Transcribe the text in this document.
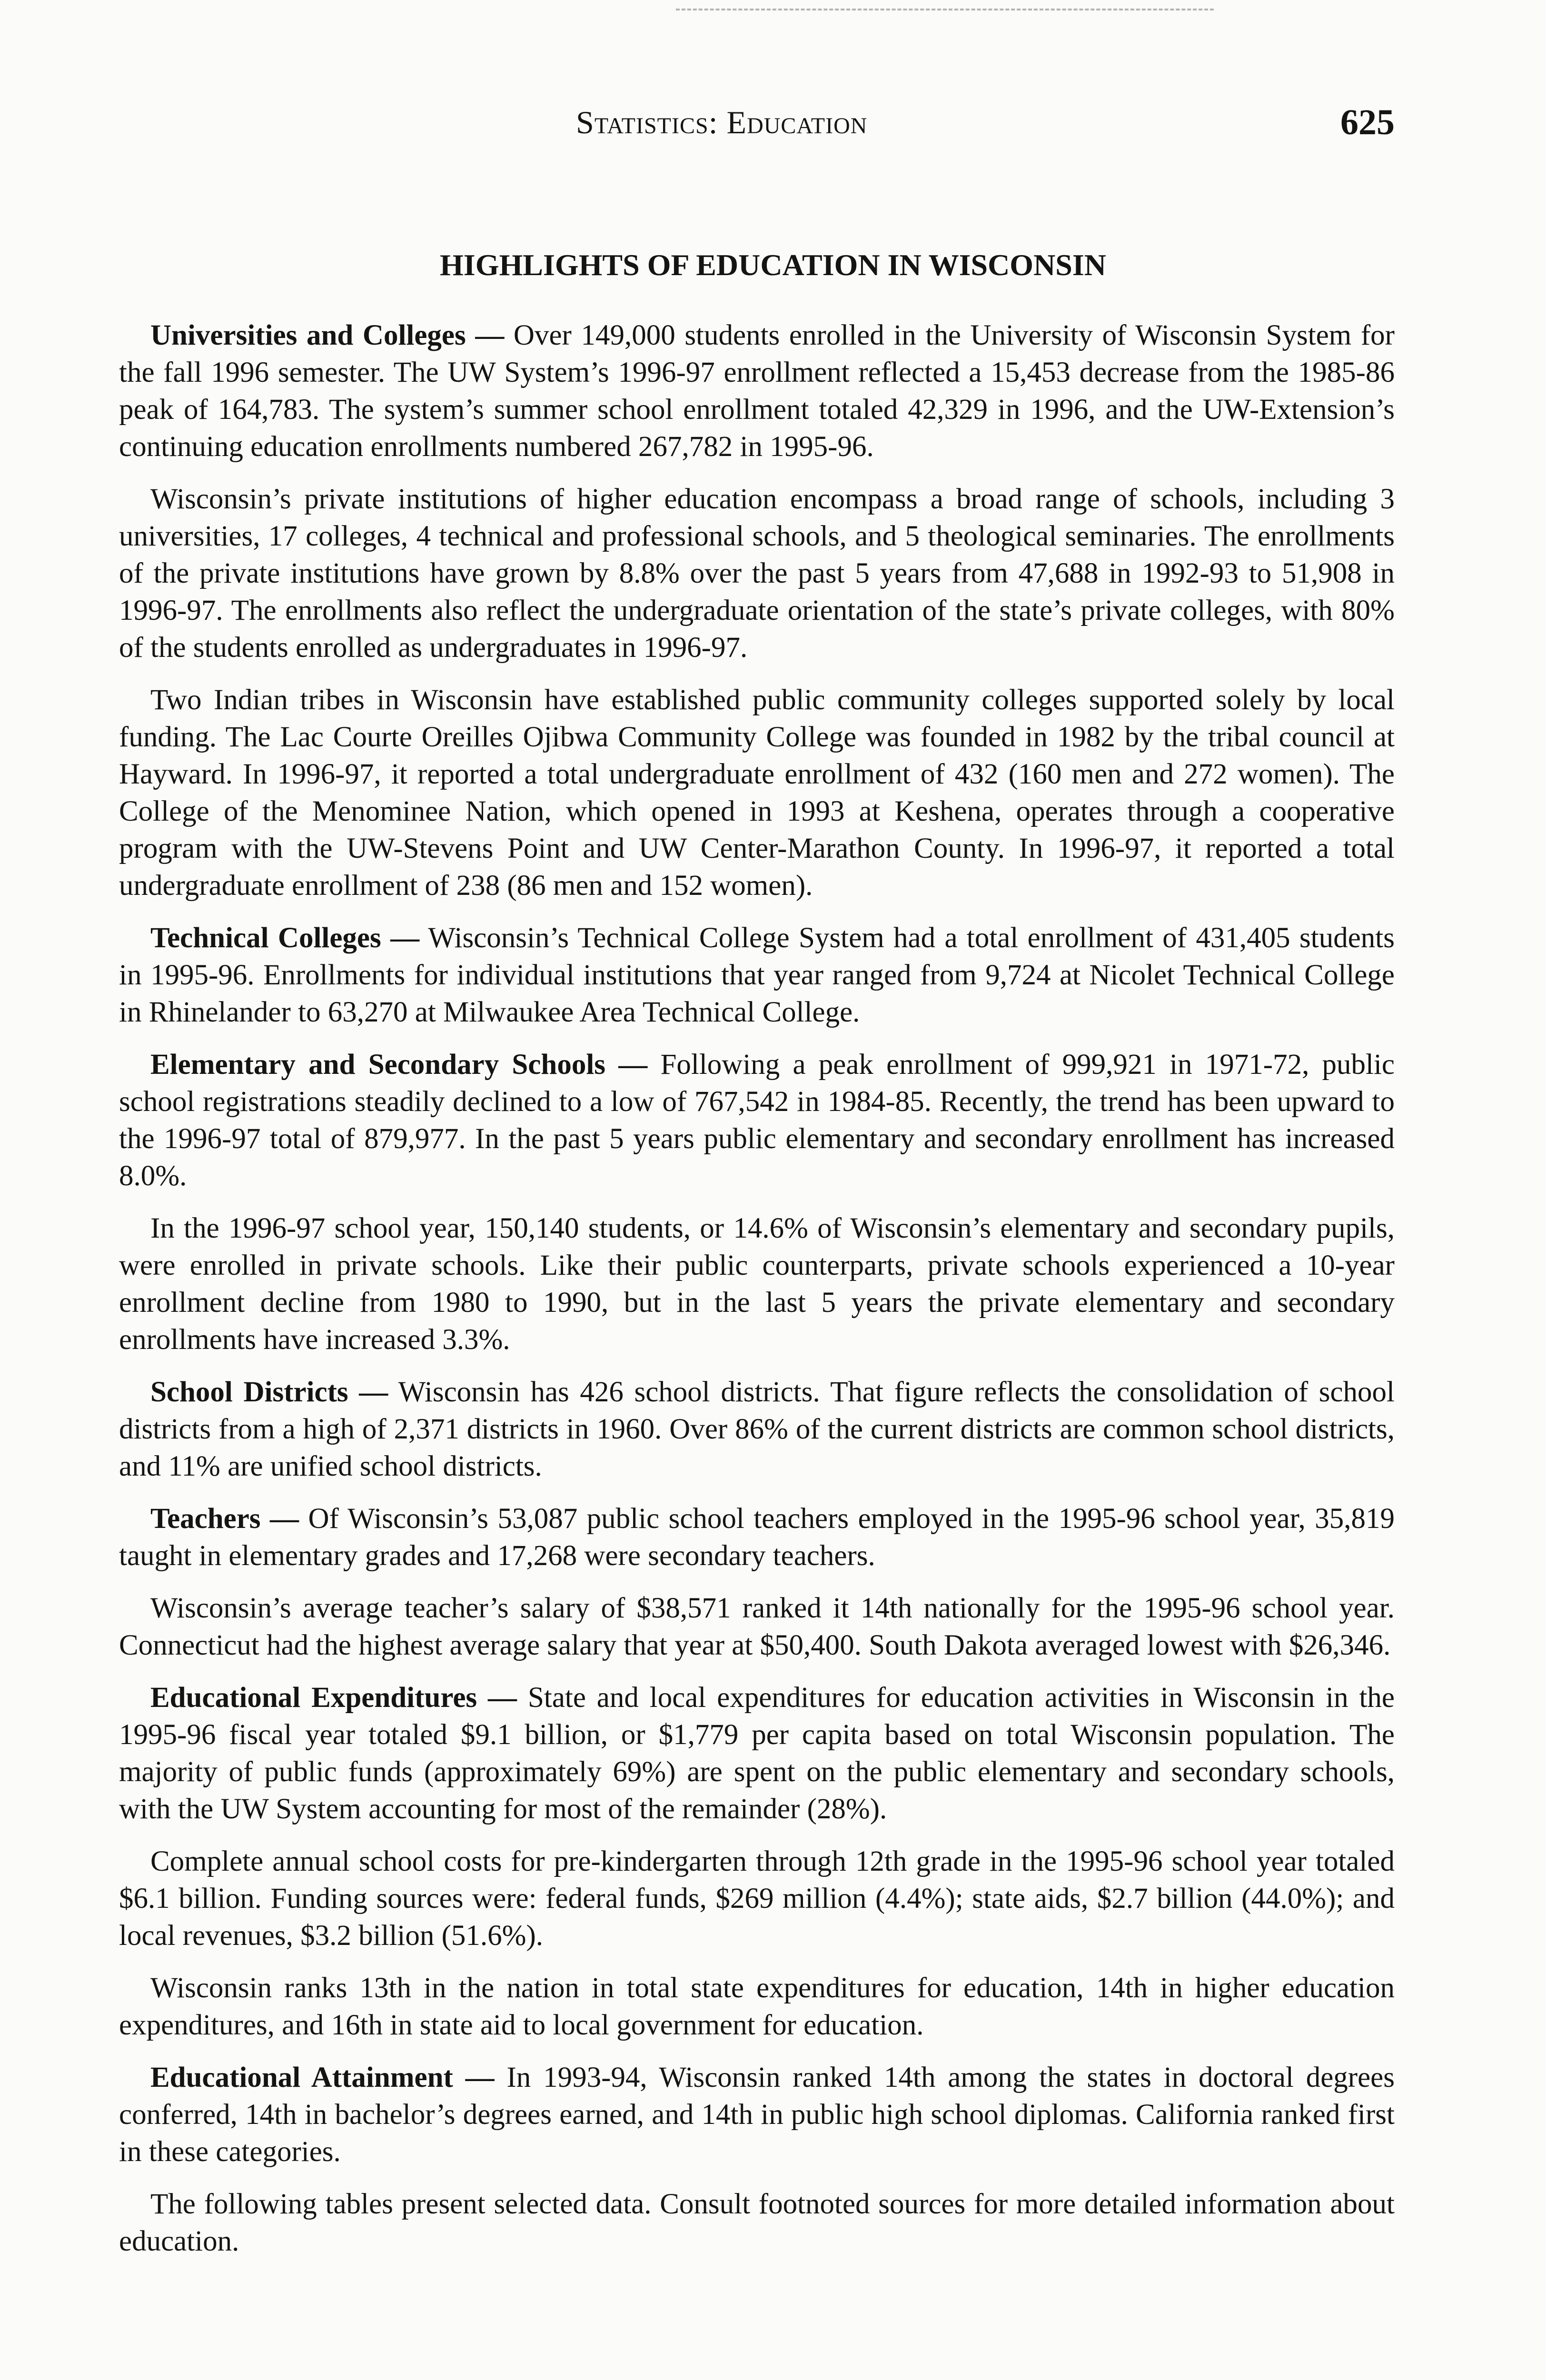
Statistics: Education	625
HIGHLIGHTS OF EDUCATION IN WISCONSIN

Universities and Colleges — Over 149,000 students enrolled in the University of Wisconsin System for the fall 1996 semester. The UW System’s 1996-97 enrollment reflected a 15,453 decrease from the 1985-86 peak of 164,783. The system’s summer school enrollment totaled 42,329 in 1996, and the UW-Extension’s continuing education enrollments numbered 267,782 in 1995-96.

Wisconsin’s private institutions of higher education encompass a broad range of schools, including 3 universities, 17 colleges, 4 technical and professional schools, and 5 theological seminaries. The enrollments of the private institutions have grown by 8.8% over the past 5 years from 47,688 in 1992-93 to 51,908 in 1996-97. The enrollments also reflect the undergraduate orientation of the state’s private colleges, with 80% of the students enrolled as undergraduates in 1996-97.

Two Indian tribes in Wisconsin have established public community colleges supported solely by local funding. The Lac Courte Oreilles Ojibwa Community College was founded in 1982 by the tribal council at Hayward. In 1996-97, it reported a total undergraduate enrollment of 432 (160 men and 272 women). The College of the Menominee Nation, which opened in 1993 at Keshena, operates through a cooperative program with the UW-Stevens Point and UW Center-Marathon County. In 1996-97, it reported a total undergraduate enrollment of 238 (86 men and 152 women).

Technical Colleges — Wisconsin’s Technical College System had a total enrollment of 431,405 students in 1995-96. Enrollments for individual institutions that year ranged from 9,724 at Nicolet Technical College in Rhinelander to 63,270 at Milwaukee Area Technical College.

Elementary and Secondary Schools — Following a peak enrollment of 999,921 in 1971-72, public school registrations steadily declined to a low of 767,542 in 1984-85. Recently, the trend has been upward to the 1996-97 total of 879,977. In the past 5 years public elementary and secondary enrollment has increased 8.0%.

In the 1996-97 school year, 150,140 students, or 14.6% of Wisconsin’s elementary and secondary pupils, were enrolled in private schools. Like their public counterparts, private schools experienced a 10-year enrollment decline from 1980 to 1990, but in the last 5 years the private elementary and secondary enrollments have increased 3.3%.

School Districts — Wisconsin has 426 school districts. That figure reflects the consolidation of school districts from a high of 2,371 districts in 1960. Over 86% of the current districts are common school districts, and 11% are unified school districts.

Teachers — Of Wisconsin’s 53,087 public school teachers employed in the 1995-96 school year, 35,819 taught in elementary grades and 17,268 were secondary teachers.

Wisconsin’s average teacher’s salary of $38,571 ranked it 14th nationally for the 1995-96 school year. Connecticut had the highest average salary that year at $50,400. South Dakota averaged lowest with $26,346.

Educational Expenditures — State and local expenditures for education activities in Wisconsin in the 1995-96 fiscal year totaled $9.1 billion, or $1,779 per capita based on total Wisconsin population. The majority of public funds (approximately 69%) are spent on the public elementary and secondary schools, with the UW System accounting for most of the remainder (28%).

Complete annual school costs for pre-kindergarten through 12th grade in the 1995-96 school year totaled $6.1 billion. Funding sources were: federal funds, $269 million (4.4%); state aids, $2.7 billion (44.0%); and local revenues, $3.2 billion (51.6%).

Wisconsin ranks 13th in the nation in total state expenditures for education, 14th in higher education expenditures, and 16th in state aid to local government for education.

Educational Attainment — In 1993-94, Wisconsin ranked 14th among the states in doctoral degrees conferred, 14th in bachelor’s degrees earned, and 14th in public high school diplomas. California ranked first in these categories.

The following tables present selected data. Consult footnoted sources for more detailed information about education.
